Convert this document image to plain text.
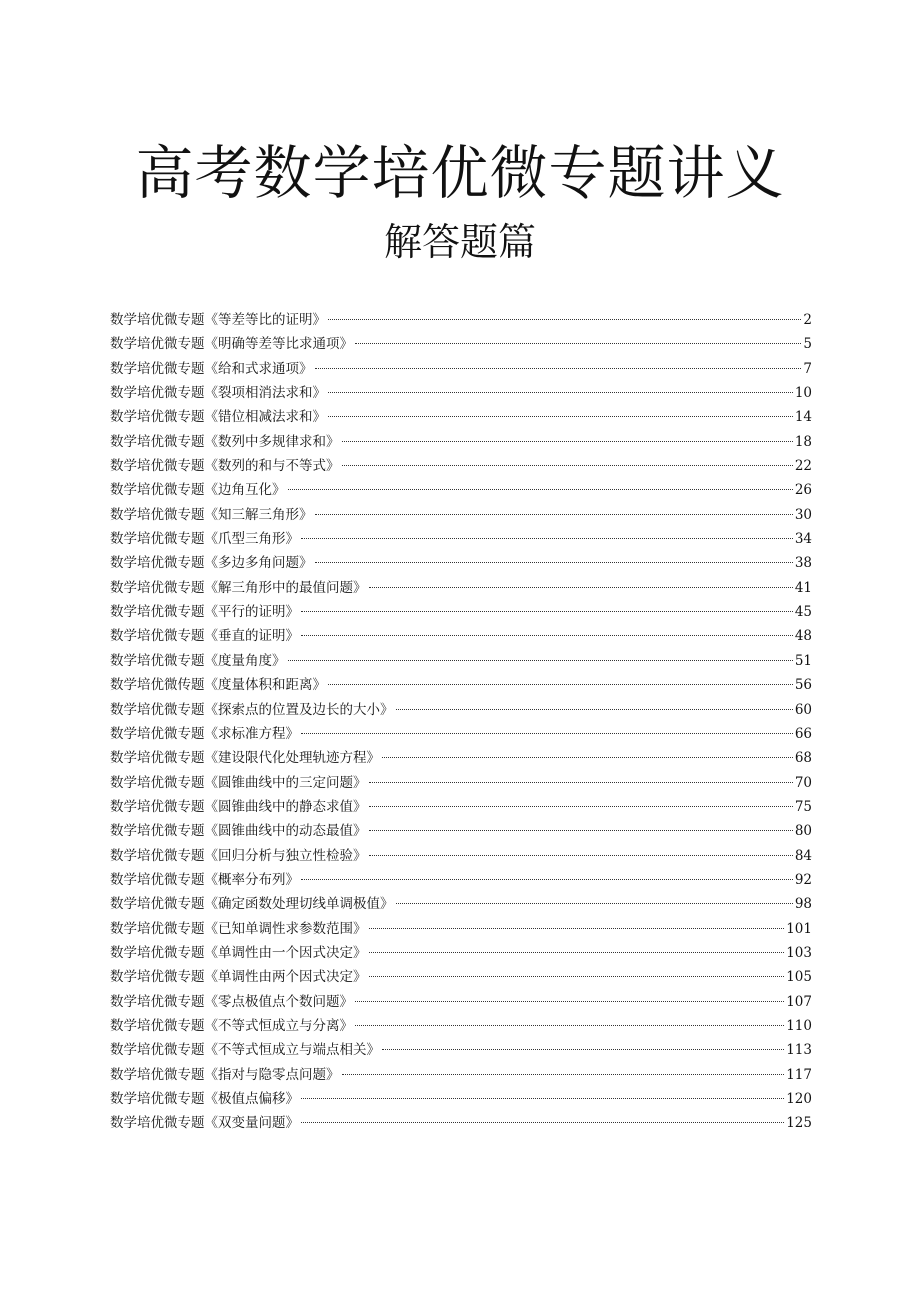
高考数学培优微专题讲义
解答题篇
数学培优微专题《等差等比的证明》	2
数学培优微专题《明确等差等比求通项》	5
数学培优微专题《给和式求通项》	7
数学培优微专题《裂项相消法求和》	10
数学培优微专题《错位相减法求和》	14
数学培优微专题《数列中多规律求和》	18
数学培优微专题《数列的和与不等式》	22
数学培优微专题《边角互化》	26
数学培优微专题《知三解三角形》	30
数学培优微专题《爪型三角形》	34
数学培优微专题《多边多角问题》	38
数学培优微专题《解三角形中的最值问题》	41
数学培优微专题《平行的证明》	45
数学培优微专题《垂直的证明》	48
数学培优微专题《度量角度》	51
数学培优微传题《度量体积和距离》	56
数学培优微专题《探索点的位置及边长的大小》	60
数学培优微专题《求标准方程》	66
数学培优微专题《建设限代化处理轨迹方程》	68
数学培优微专题《圆锥曲线中的三定问题》	70
数学培优微专题《圆锥曲线中的静态求值》	75
数学培优微专题《圆锥曲线中的动态最值》	80
数学培优微专题《回归分析与独立性检验》	84
数学培优微专题《概率分布列》	92
数学培优微专题《确定函数处理切线单调极值》	98
数学培优微专题《已知单调性求参数范围》	101
数学培优微专题《单调性由一个因式决定》	103
数学培优微专题《单调性由两个因式决定》	105
数学培优微专题《零点极值点个数问题》	107
数学培优微专题《不等式恒成立与分离》	110
数学培优微专题《不等式恒成立与端点相关》	113
数学培优微专题《指对与隐零点问题》	117
数学培优微专题《极值点偏移》	120
数学培优微专题《双变量问题》	125
